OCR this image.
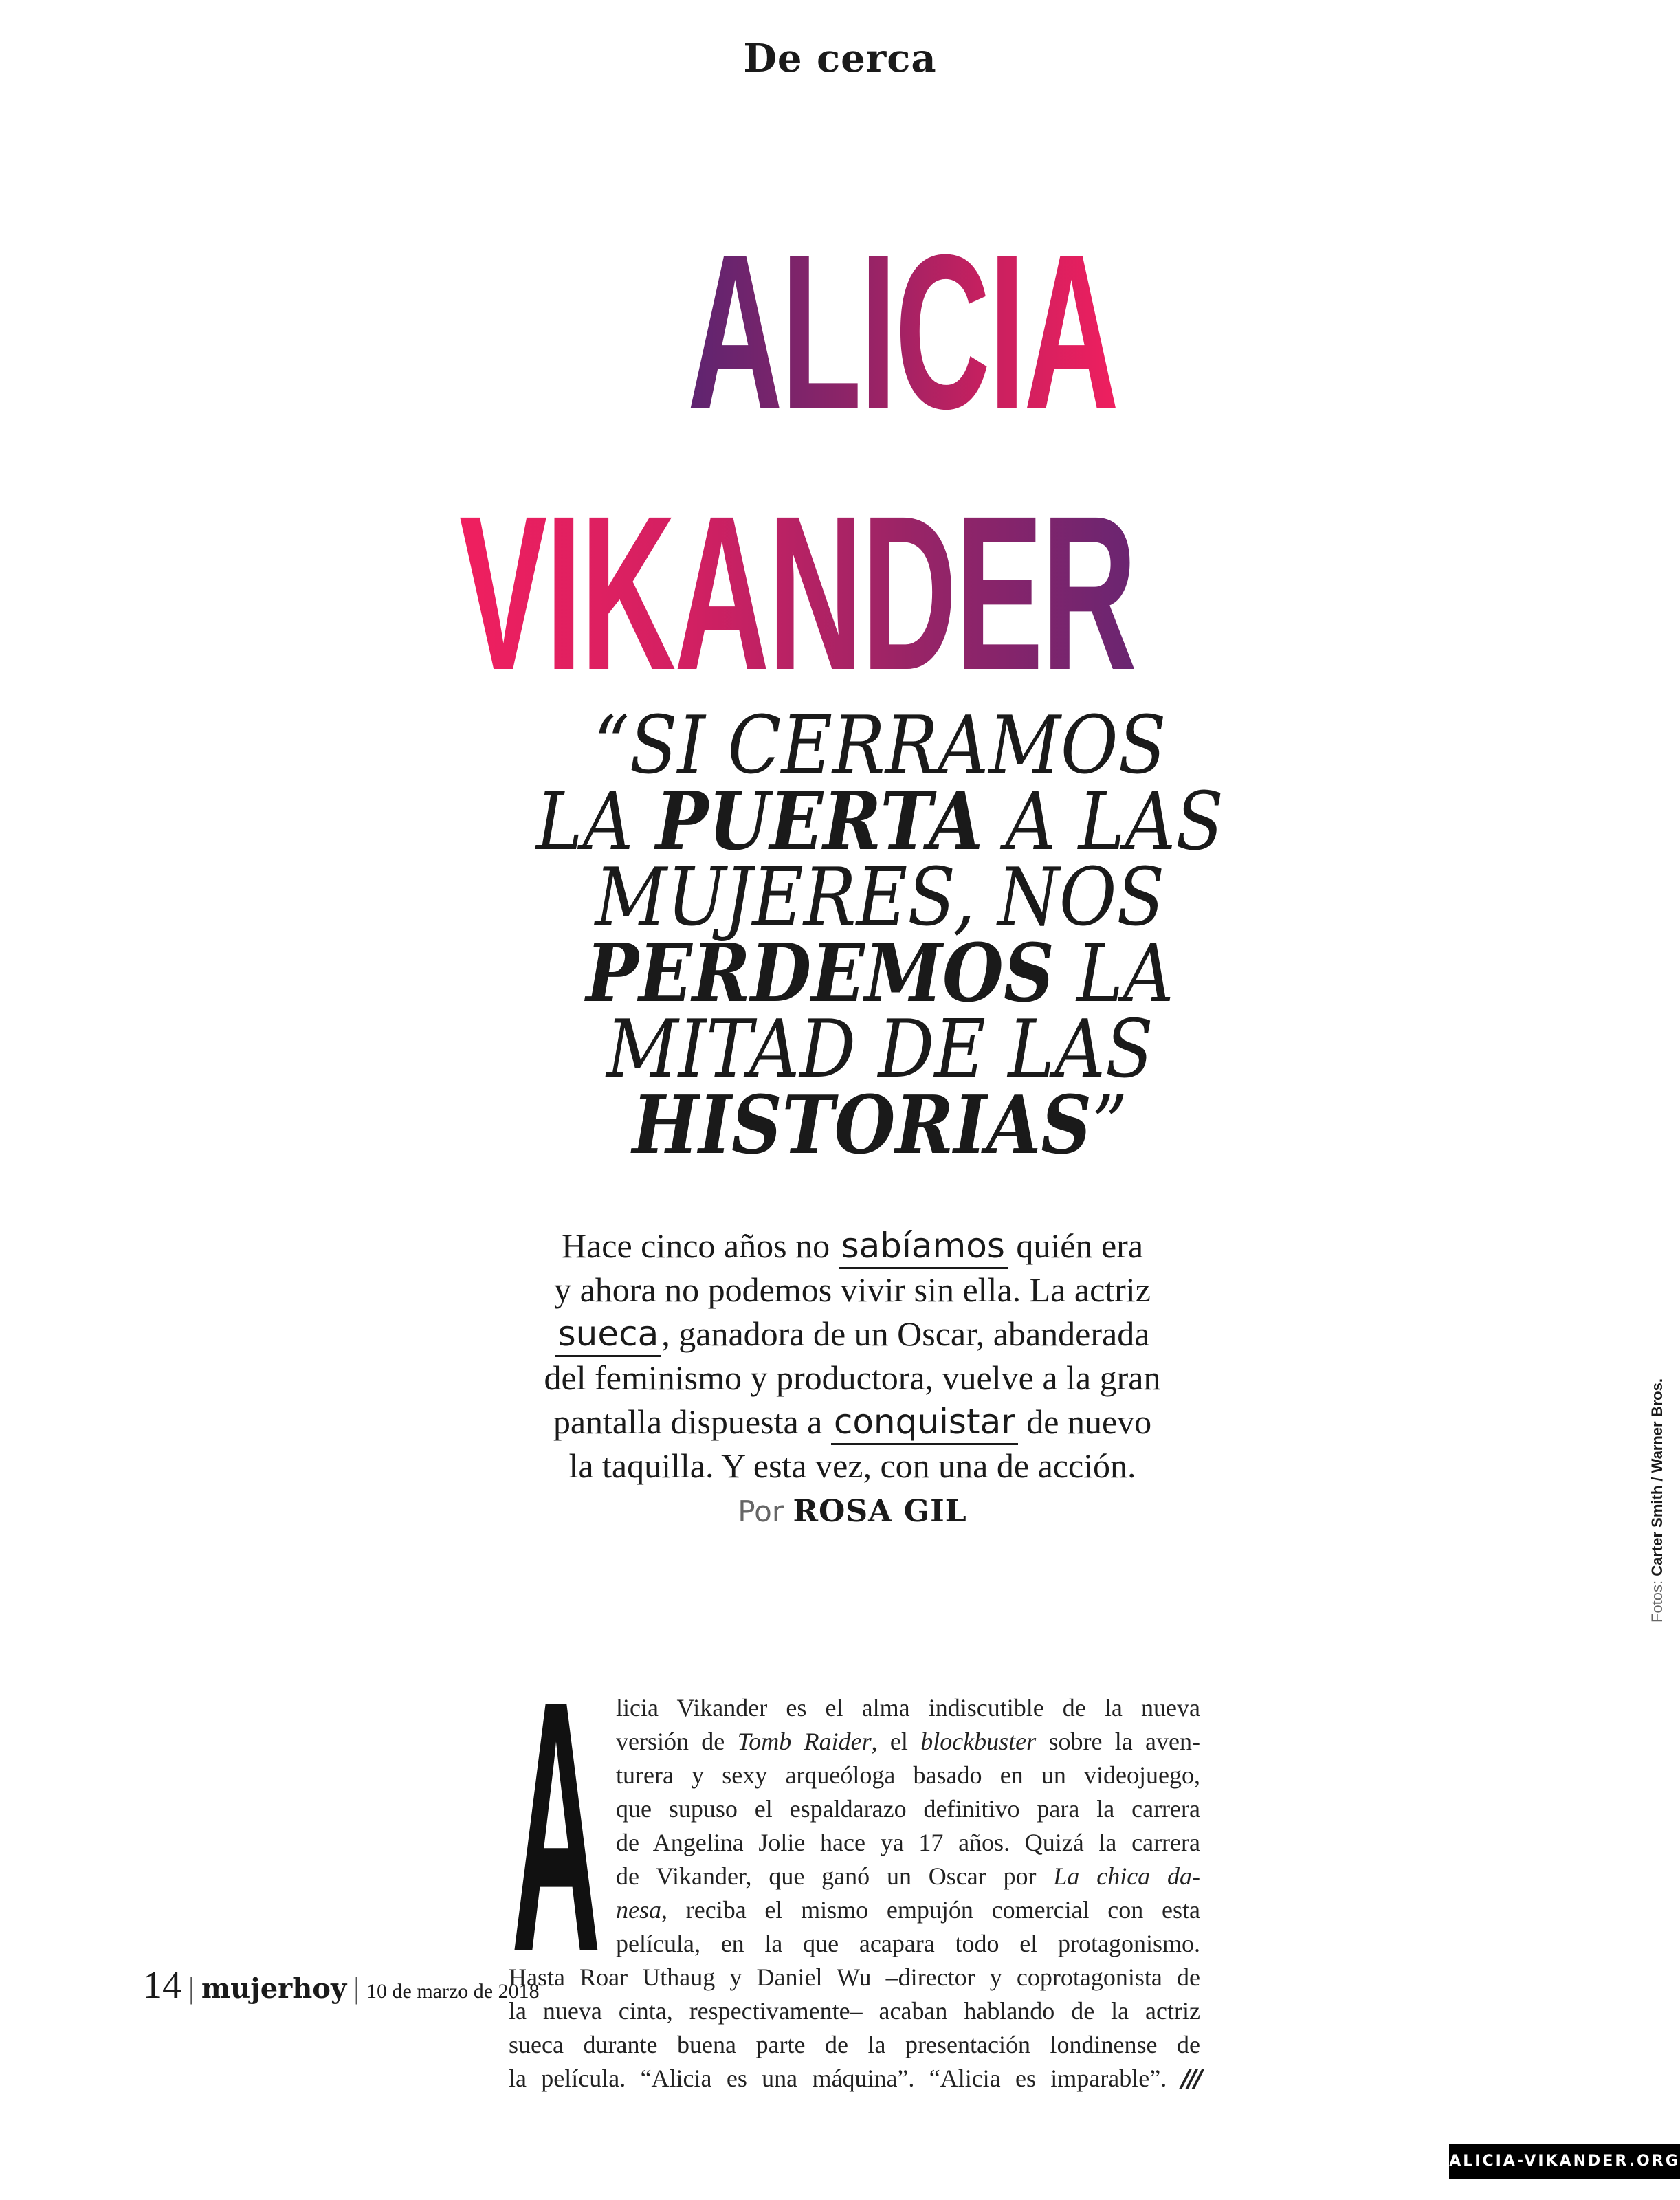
De cerca
ALICIA
VIKANDER
“SI CERRAMOS
LA PUERTA A LAS
MUJERES, NOS
PERDEMOS LA
MITAD DE LAS
HISTORIAS”
Hace cinco años no sabíamos quién era
y ahora no podemos vivir sin ella. La actriz
sueca, ganadora de un Oscar, abanderada
del feminismo y productora, vuelve a la gran
pantalla dispuesta a conquistar de nuevo
la taquilla. Y esta vez, con una de acción.
Por ROSA GIL
A licia Vikander es el alma indiscutible de la nueva
versión de Tomb Raider, el blockbuster sobre la aven-
turera y sexy arqueóloga basado en un videojuego,
que supuso el espaldarazo definitivo para la carrera
de Angelina Jolie hace ya 17 años. Quizá la carrera
de Vikander, que ganó un Oscar por La chica da-
nesa, reciba el mismo empujón comercial con esta
película, en la que acapara todo el protagonismo.
Hasta Roar Uthaug y Daniel Wu –director y coprotagonista de
la nueva cinta, respectivamente– acaban hablando de la actriz
sueca durante buena parte de la presentación londinense de
la película. “Alicia es una máquina”. “Alicia es imparable”. ///
14 | mujerhoy | 10 de marzo de 2018
Fotos: Carter Smith / Warner Bros.
ALICIA-VIKANDER.ORG
